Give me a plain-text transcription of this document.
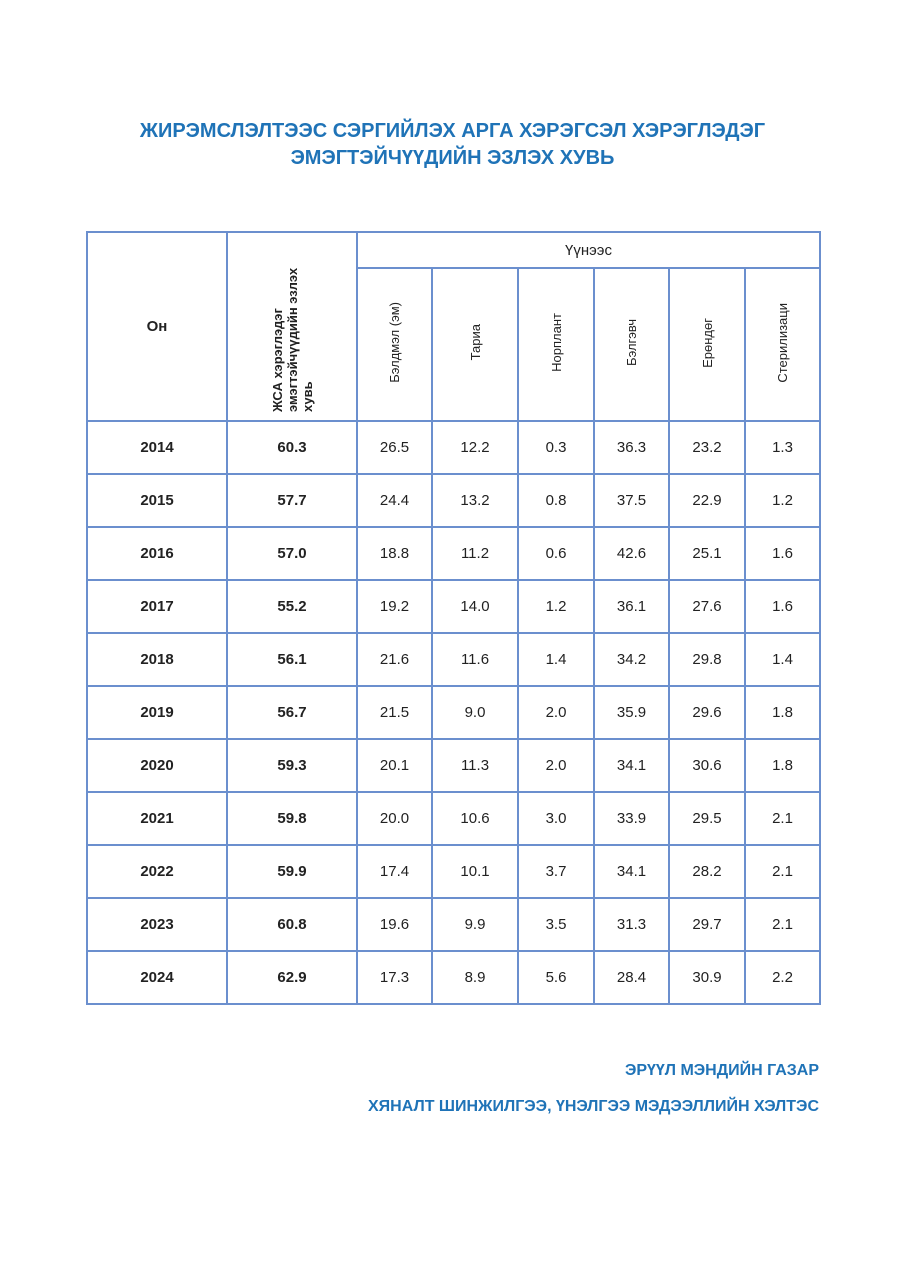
ЖИРЭМСЛЭЛТЭЭС СЭРГИЙЛЭХ АРГА ХЭРЭГСЭЛ ХЭРЭГЛЭДЭГ
ЭМЭГТЭЙЧҮҮДИЙН ЭЗЛЭХ ХУВЬ
Он	ЖСА хэрэглэдэг эмэгтэйчүүдийн эзлэх хувь	Үүнээс					
		Бэлдмэл (эм)	Тариа	Норплант	Бэлгэвч	Ерөндөг	Стерилизаци
2014	60.3	26.5	12.2	0.3	36.3	23.2	1.3
2015	57.7	24.4	13.2	0.8	37.5	22.9	1.2
2016	57.0	18.8	11.2	0.6	42.6	25.1	1.6
2017	55.2	19.2	14.0	1.2	36.1	27.6	1.6
2018	56.1	21.6	11.6	1.4	34.2	29.8	1.4
2019	56.7	21.5	9.0	2.0	35.9	29.6	1.8
2020	59.3	20.1	11.3	2.0	34.1	30.6	1.8
2021	59.8	20.0	10.6	3.0	33.9	29.5	2.1
2022	59.9	17.4	10.1	3.7	34.1	28.2	2.1
2023	60.8	19.6	9.9	3.5	31.3	29.7	2.1
2024	62.9	17.3	8.9	5.6	28.4	30.9	2.2
ЭРҮҮЛ МЭНДИЙН ГАЗАР
ХЯНАЛТ ШИНЖИЛГЭЭ, ҮНЭЛГЭЭ МЭДЭЭЛЛИЙН ХЭЛТЭС
